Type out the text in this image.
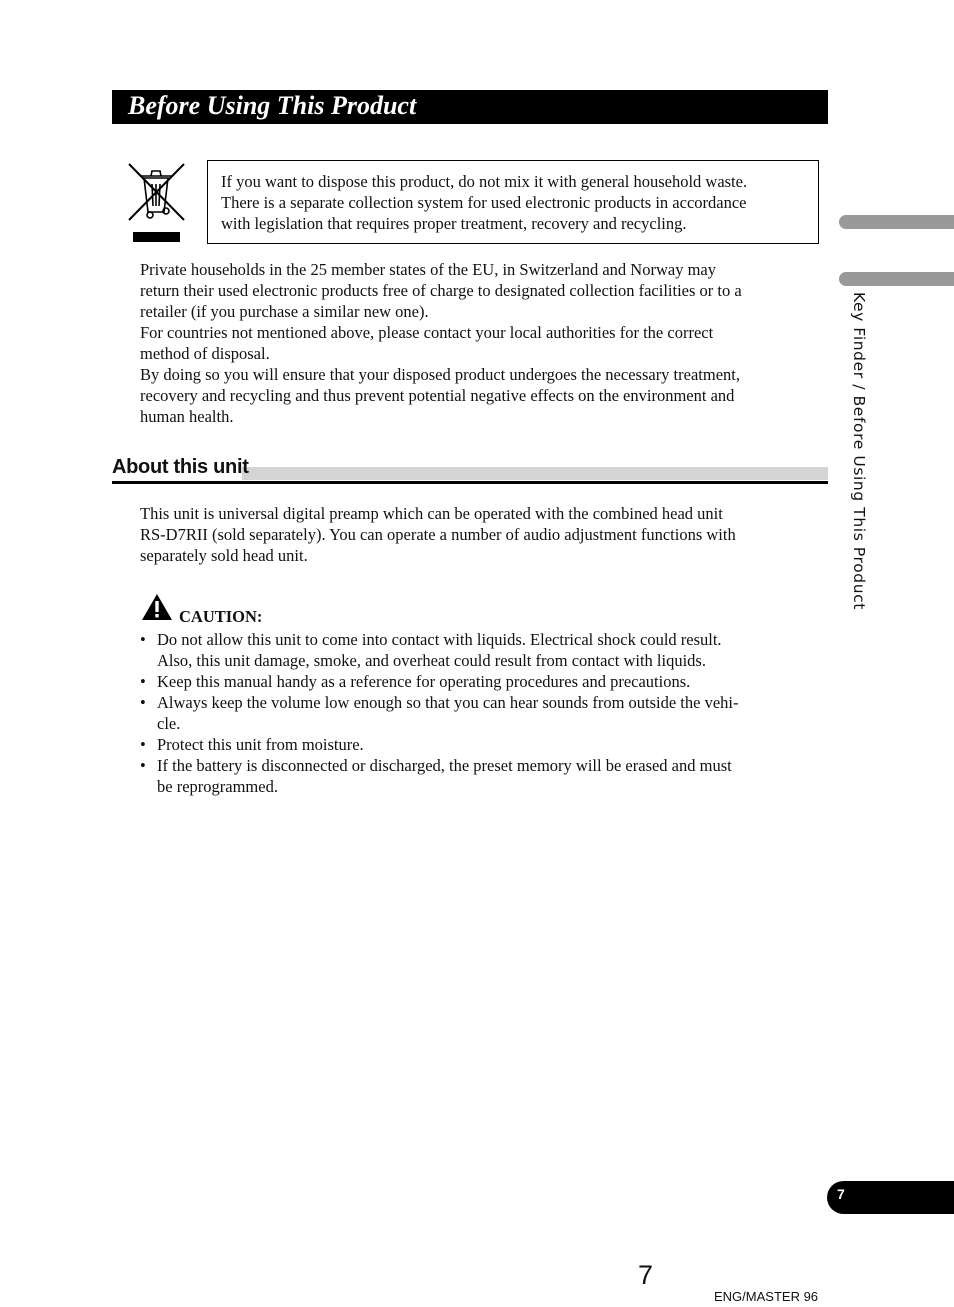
Before Using This Product
If you want to dispose this product, do not mix it with general household waste.
There is a separate collection system for used electronic products in accordance
with legislation that requires proper treatment, recovery and recycling.
Private households in the 25 member states of the EU, in Switzerland and Norway may
return their used electronic products free of charge to designated collection facilities or to a
retailer (if you purchase a similar new one).
For countries not mentioned above, please contact your local authorities for the correct
method of disposal.
By doing so you will ensure that your disposed product undergoes the necessary treatment,
recovery and recycling and thus prevent potential negative effects on the environment and
human health.
About this unit
This unit is universal digital preamp which can be operated with the combined head unit
RS-D7RII (sold separately). You can operate a number of audio adjustment functions with
separately sold head unit.
CAUTION:
• Do not allow this unit to come into contact with liquids. Electrical shock could result.
Also, this unit damage, smoke, and overheat could result from contact with liquids.
• Keep this manual handy as a reference for operating procedures and precautions.
• Always keep the volume low enough so that you can hear sounds from outside the vehi-
cle.
• Protect this unit from moisture.
• If the battery is disconnected or discharged, the preset memory will be erased and must
be reprogrammed.
Key Finder / Before Using This Product
7
7
ENG/MASTER 96
